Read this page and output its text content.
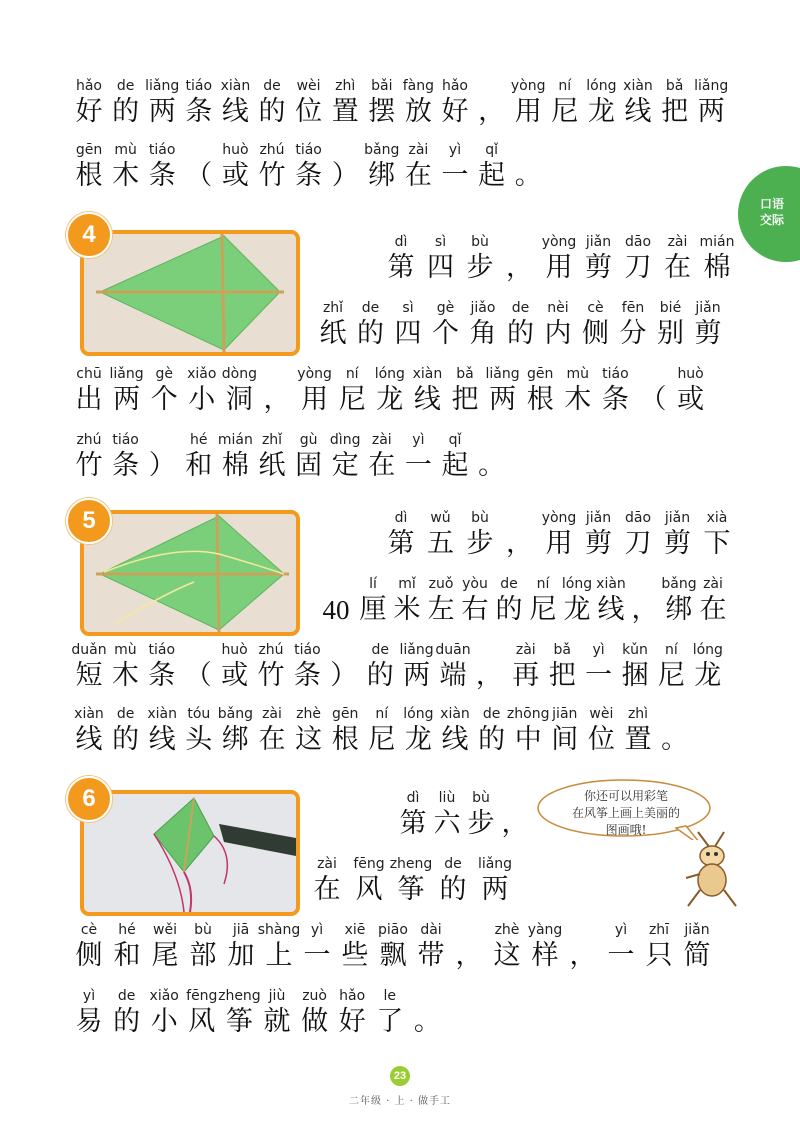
hǎo
好
de
的
liǎng
两
tiáo
条
xiàn
线
de
的
wèi
位
zhì
置
bǎi
摆
fàng
放
hǎo
好 ，
yòng
用
ní
尼
lóng
龙
xiàn
线
bǎ
把
liǎng
两
gēn
根
mù
木
tiáo
条 （
huò
或
zhú
竹
tiáo
条 ）
bǎng
绑
zài
在
yì
一
qǐ
起 。
dì
第
sì
四
bù
步 ，
yòng
用
jiǎn
剪
dāo
刀
zài
在
mián
棉
zhǐ
纸
de
的
sì
四
gè
个
jiǎo
角
de
的
nèi
内
cè
侧
fēn
分
bié
别
jiǎn
剪
chū
出
liǎng
两
gè
个
xiǎo
小
dòng
洞 ，
yòng
用
ní
尼
lóng
龙
xiàn
线
bǎ
把
liǎng
两
gēn
根
mù
木
tiáo
条 （
huò
或
zhú
竹
tiáo
条 ）
hé
和
mián
棉
zhǐ
纸
gù
固
dìng
定
zài
在
yì
一
qǐ
起 。
dì
第
wǔ
五
bù
步 ，
yòng
用
jiǎn
剪
dāo
刀
jiǎn
剪
xià
下
40
lí
厘
mǐ
米
zuǒ
左
yòu
右
de
的
ní
尼
lóng
龙
xiàn
线 ，
bǎng
绑
zài
在
duǎn
短
mù
木
tiáo
条 （
huò
或
zhú
竹
tiáo
条 ）
de
的
liǎng
两
duān
端 ，
zài
再
bǎ
把
yì
一
kǔn
捆
ní
尼
lóng
龙
xiàn
线
de
的
xiàn
线
tóu
头
bǎng
绑
zài
在
zhè
这
gēn
根
ní
尼
lóng
龙
xiàn
线
de
的
zhōng
中
jiān
间
wèi
位
zhì
置 。
dì
第
liù
六
bù
步 ，
zài
在
fēng
风
zheng
筝
de
的
liǎng
两
cè
侧
hé
和
wěi
尾
bù
部
jiā
加
shàng
上
yì
一
xiē
些
piāo
飘
dài
带 ，
zhè
这
yàng
样 ，
yì
一
zhī
只
jiǎn
简
yì
易
de
的
xiǎo
小
fēng
风
zheng
筝
jiù
就
zuò
做
hǎo
好
le
了 。
口语
交际
4
5
6	你还可以用彩笔
在风筝上画上美丽的
图画哦!
23
二年级 · 上 · 做手工
